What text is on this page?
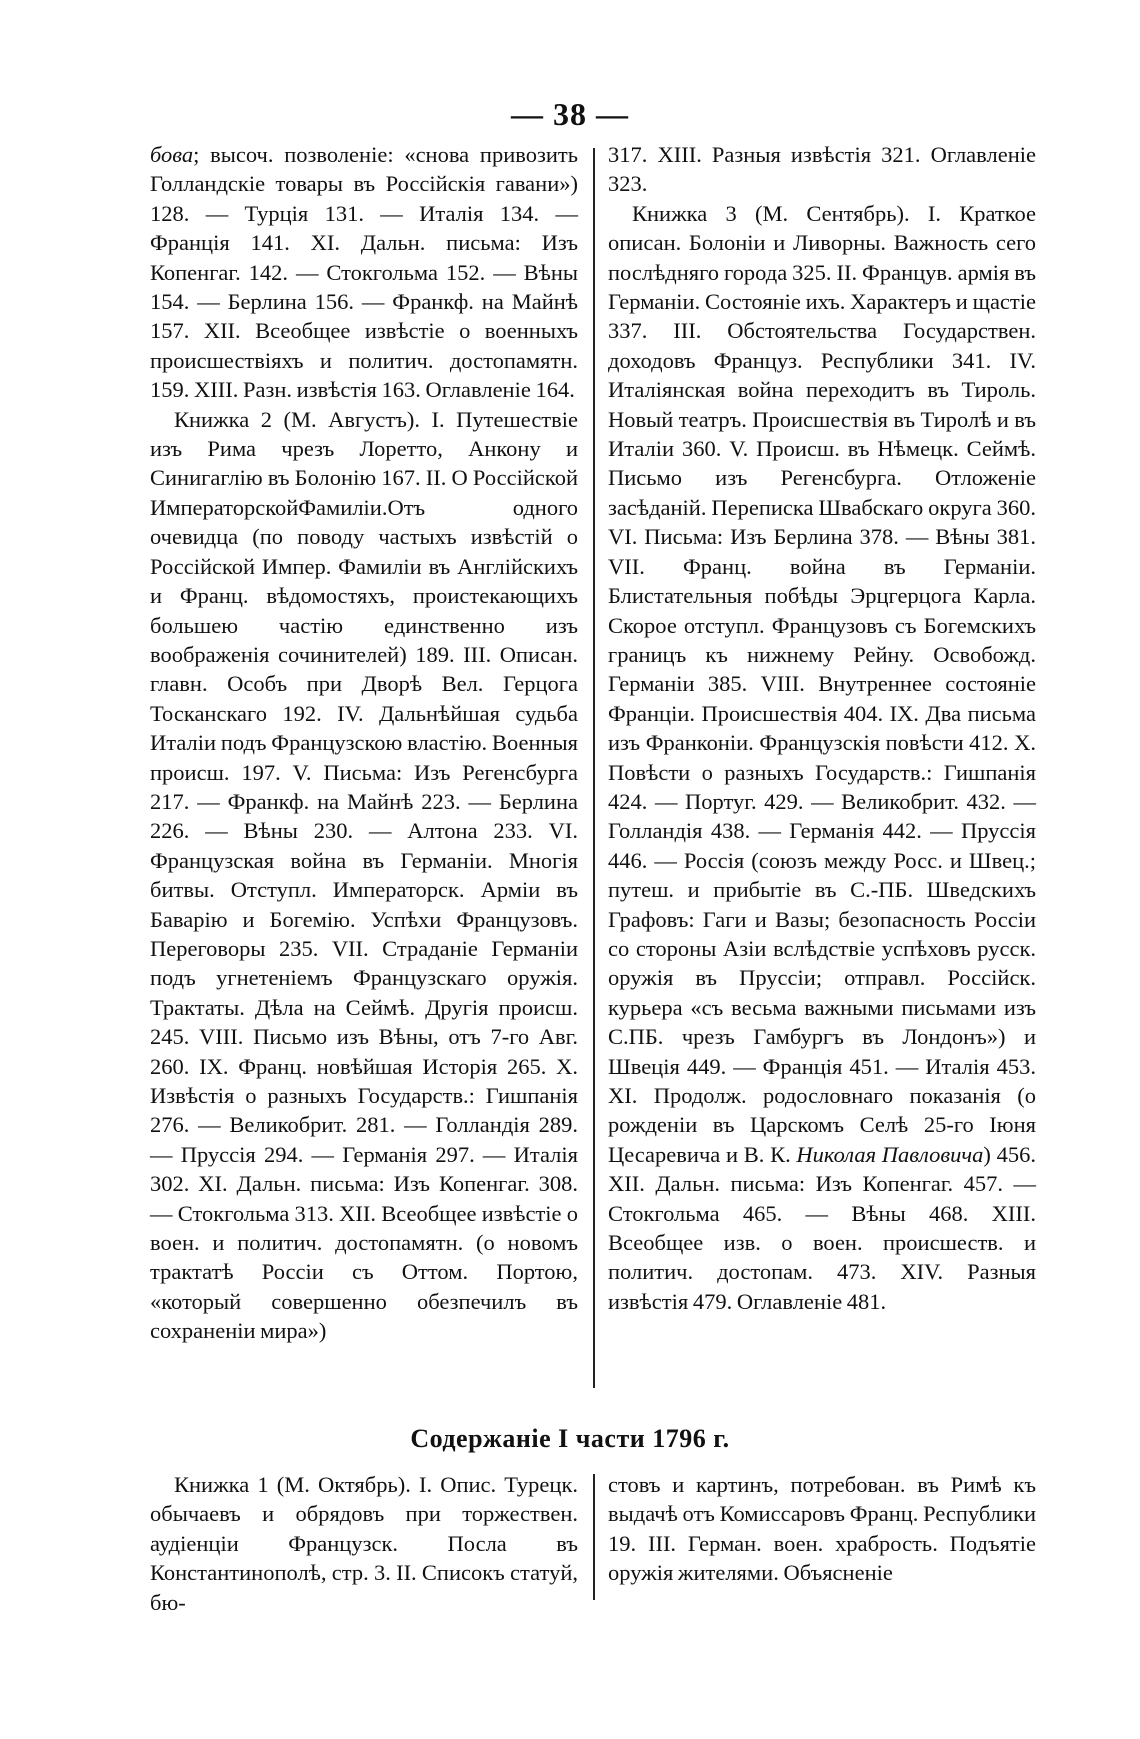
— 38 —

бова; высоч. позволеніе: «снова привозить Голландскіе товары въ Россійскія гавани») 128. — Турція 131. — Италія 134. — Франція 141. XI. Дальн. письма: Изъ Копенгаг. 142. — Стокгольма 152. — Вѣны 154. — Берлина 156. — Франкф. на Майнѣ 157. XII. Всеобщее извѣстіе о военныхъ происшествіяхъ и политич. достопамятн. 159. XIII. Разн. извѣстія 163. Оглавленіе 164.

Книжка 2 (М. Августъ). I. Путешествіе изъ Рима чрезъ Лоретто, Анкону и Синигаглію въ Болонію 167. II. О Россійской ИмператорскойФамиліи.Отъ одного очевидца (по поводу частыхъ извѣстій о Россійской Импер. Фамиліи въ Англійскихъ и Франц. вѣдомостяхъ, проистекающихъ большею частію единственно изъ воображенія сочинителей) 189. III. Описан. главн. Особъ при Дворѣ Вел. Герцога Тосканскаго 192. IV. Дальнѣйшая судьба Италіи подъ Французскою властію. Военныя происш. 197. V. Письма: Изъ Регенсбурга 217. — Франкф. на Майнѣ 223. — Берлина 226. — Вѣны 230. — Алтона 233. VI. Французская война въ Германіи. Многія битвы. Отступл. Императорск. Арміи въ Баварію и Богемію. Успѣхи Французовъ. Переговоры 235. VII. Страданіе Германіи подъ угнетеніемъ Французскаго оружія. Трактаты. Дѣла на Сеймѣ. Другія происш. 245. VIII. Письмо изъ Вѣны, отъ 7-го Авг. 260. IX. Франц. новѣйшая Исторія 265. X. Извѣстія о разныхъ Государств.: Гишпанія 276. — Великобрит. 281. — Голландія 289. — Пруссія 294. — Германія 297. — Италія 302. XI. Дальн. письма: Изъ Копенгаг. 308. — Стокгольма 313. XII. Всеобщее извѣстіе о воен. и политич. достопамятн. (о новомъ трактатѣ Россіи съ Оттом. Портою, «который совершенно обезпечилъ въ сохраненіи мира»)

317. XIII. Разныя извѣстія 321. Оглавленіе 323.

Книжка 3 (М. Сентябрь). I. Краткое описан. Болоніи и Ливорны. Важность сего послѣдняго города 325. II. Францув. армія въ Германіи. Состояніе ихъ. Характеръ и щастіе 337. III. Обстоятельства Государствен. доходовъ Француз. Республики 341. IV. Италіянская война переходитъ въ Тироль. Новый театръ. Происшествія въ Тиролѣ и въ Италіи 360. V. Происш. въ Нѣмецк. Сеймѣ. Письмо изъ Регенсбурга. Отложеніе засѣданій. Переписка Швабскаго округа 360. VI. Письма: Изъ Берлина 378. — Вѣны 381. VII. Франц. война въ Германіи. Блистательныя побѣды Эрцгерцога Карла. Скорое отступл. Французовъ съ Богемскихъ границъ къ нижнему Рейну. Освобожд. Германіи 385. VIII. Внутреннее состояніе Франціи. Происшествія 404. IX. Два письма изъ Франконіи. Французскія повѣсти 412. X. Повѣсти о разныхъ Государств.: Гишпанія 424. — Португ. 429. — Великобрит. 432. — Голландія 438. — Германія 442. — Пруссія 446. — Россія (союзъ между Росс. и Швец.; путеш. и прибытіе въ С.-ПБ. Шведскихъ Графовъ: Гаги и Вазы; безопасность Россіи со стороны Азіи вслѣдствіе успѣховъ русск. оружія въ Пруссіи; отправл. Россійск. курьера «съ весьма важными письмами изъ С.ПБ. чрезъ Гамбургъ въ Лондонъ») и Швеція 449. — Франція 451. — Италія 453. XI. Продолж. родословнаго показанія (о рожденіи въ Царскомъ Селѣ 25-го Іюня Цесаревича и В. К. Николая Павловича) 456. XII. Дальн. письма: Изъ Копенгаг. 457. — Стокгольма 465. — Вѣны 468. XIII. Всеобщее изв. о воен. происшеств. и политич. достопам. 473. XIV. Разныя извѣстія 479. Оглавленіе 481.

Содержаніе I части 1796 г.

Книжка 1 (М. Октябрь). I. Опис. Турецк. обычаевъ и обрядовъ при торжествен. аудіенціи Французск. Посла въ Константинополѣ, стр. 3. II. Списокъ статуй, бю-

стовъ и картинъ, потребован. въ Римѣ къ выдачѣ отъ Комиссаровъ Франц. Республики 19. III. Герман. воен. храбрость. Подъятіе оружія жителями. Объясненіе
